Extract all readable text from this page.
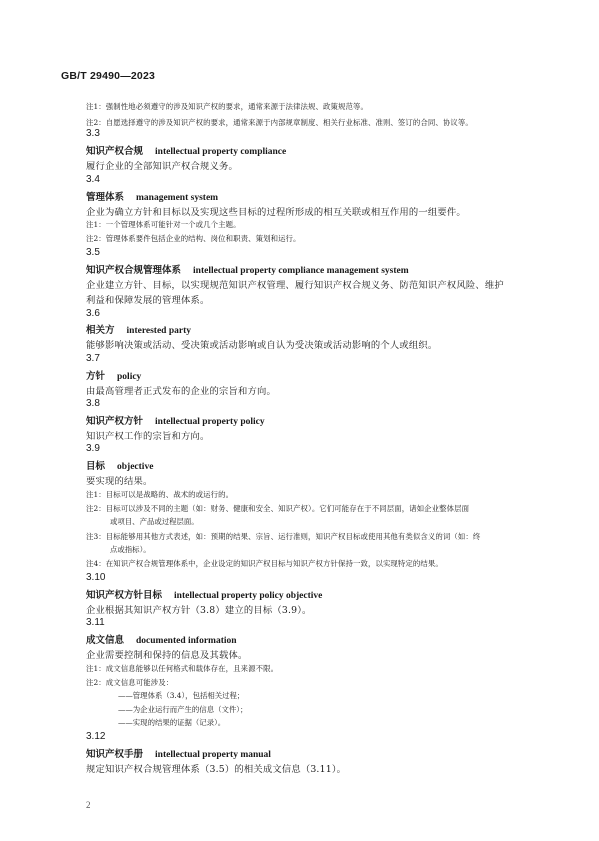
GB/T 29490—2023
注1：强制性地必须遵守的涉及知识产权的要求，通常来源于法律法规、政策规范等。
注2：自愿选择遵守的涉及知识产权的要求，通常来源于内部规章制度、相关行业标准、准则、签订的合同、协议等。
3.3
知识产权合规 intellectual property compliance
履行企业的全部知识产权合规义务。
3.4
管理体系 management system
企业为确立方针和目标以及实现这些目标的过程所形成的相互关联或相互作用的一组要件。
注1：一个管理体系可能针对一个或几个主题。
注2：管理体系要件包括企业的结构、岗位和职责、策划和运行。
3.5
知识产权合规管理体系 intellectual property compliance management system
企业建立方针、目标，以实现规范知识产权管理、履行知识产权合规义务、防范知识产权风险、维护
利益和保障发展的管理体系。
3.6
相关方 interested party
能够影响决策或活动、受决策或活动影响或自认为受决策或活动影响的个人或组织。
3.7
方针 policy
由最高管理者正式发布的企业的宗旨和方向。
3.8
知识产权方针 intellectual property policy
知识产权工作的宗旨和方向。
3.9
目标 objective
要实现的结果。
注1：目标可以是战略的、战术的或运行的。
注2：目标可以涉及不同的主题（如：财务、健康和安全、知识产权）。它们可能存在于不同层面，诸如企业整体层面
或项目、产品或过程层面。
注3：目标能够用其他方式表述，如：预期的结果、宗旨、运行准则，知识产权目标或使用其他有类似含义的词（如：终
点或指标）。
注4：在知识产权合规管理体系中，企业设定的知识产权目标与知识产权方针保持一致，以实现特定的结果。
3.10
知识产权方针目标 intellectual property policy objective
企业根据其知识产权方针（3.8）建立的目标（3.9）。
3.11
成文信息 documented information
企业需要控制和保持的信息及其载体。
注1：成文信息能够以任何格式和载体存在，且来源不限。
注2：成文信息可能涉及：
——管理体系（3.4），包括相关过程；
——为企业运行而产生的信息（文件）；
——实现的结果的证据（记录）。
3.12
知识产权手册 intellectual property manual
规定知识产权合规管理体系（3.5）的相关成文信息（3.11）。
2
